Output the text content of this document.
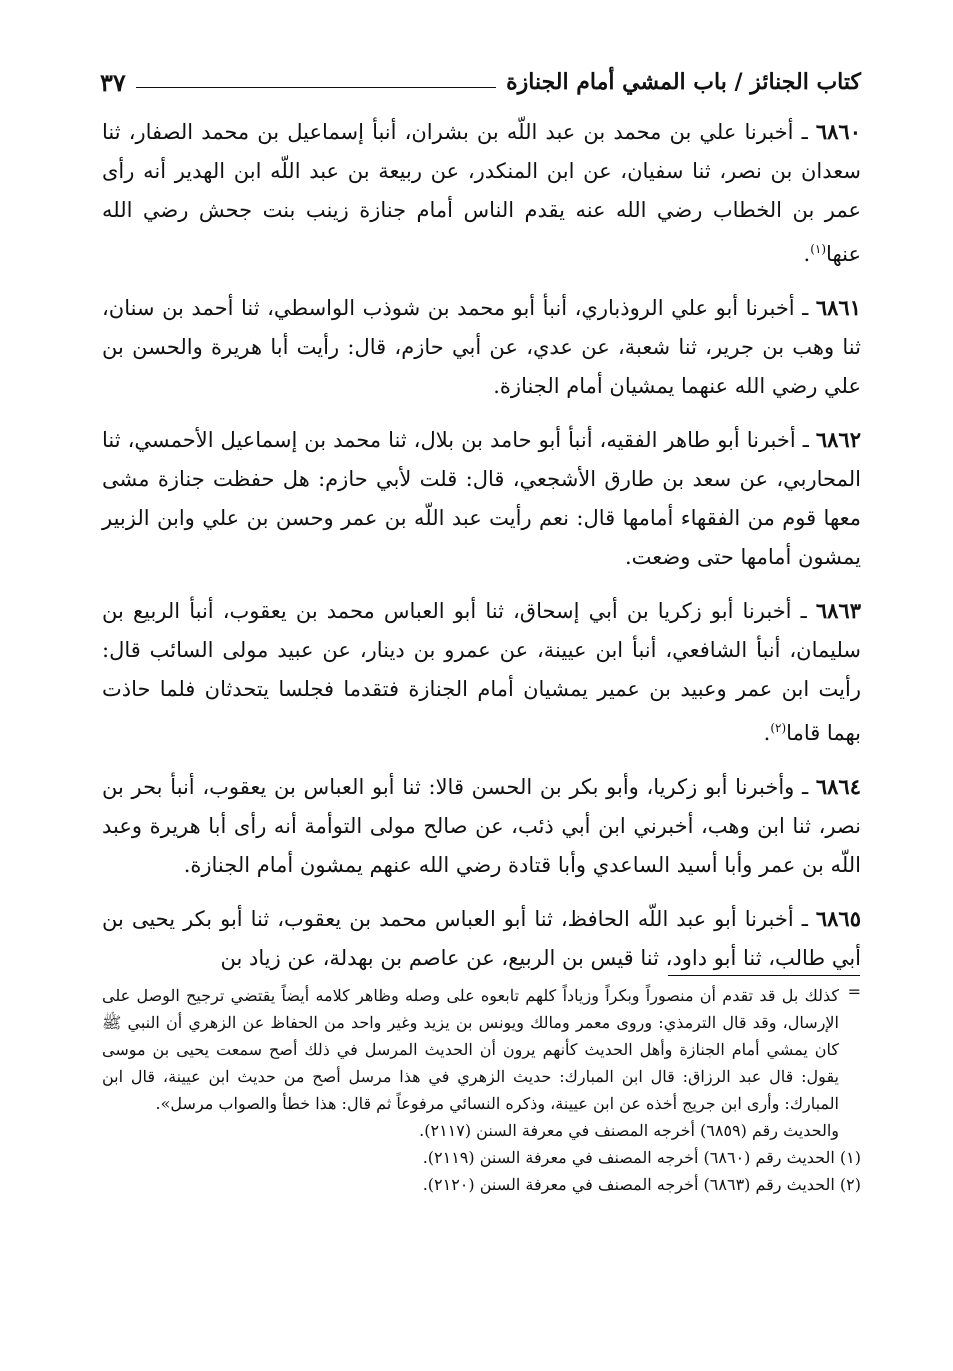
كتاب الجنائز / باب المشي أمام الجنازة
٣٧

٦٨٦٠ ـ أخبرنا علي بن محمد بن عبد اللّه بن بشران، أنبأ إسماعيل بن محمد الصفار، ثنا سعدان بن نصر، ثنا سفيان، عن ابن المنكدر، عن ربيعة بن عبد اللّه ابن الهدير أنه رأى عمر بن الخطاب رضي الله عنه يقدم الناس أمام جنازة زينب بنت جحش رضي الله عنها$^{(١)}$.

٦٨٦١ ـ أخبرنا أبو علي الروذباري، أنبأ أبو محمد بن شوذب الواسطي، ثنا أحمد بن سنان، ثنا وهب بن جرير، ثنا شعبة، عن عدي، عن أبي حازم، قال: رأيت أبا هريرة والحسن بن علي رضي الله عنهما يمشيان أمام الجنازة.

٦٨٦٢ ـ أخبرنا أبو طاهر الفقيه، أنبأ أبو حامد بن بلال، ثنا محمد بن إسماعيل الأحمسي، ثنا المحاربي، عن سعد بن طارق الأشجعي، قال: قلت لأبي حازم: هل حفظت جنازة مشى معها قوم من الفقهاء أمامها قال: نعم رأيت عبد اللّه بن عمر وحسن بن علي وابن الزبير يمشون أمامها حتى وضعت.

٦٨٦٣ ـ أخبرنا أبو زكريا بن أبي إسحاق، ثنا أبو العباس محمد بن يعقوب، أنبأ الربيع بن سليمان، أنبأ الشافعي، أنبأ ابن عيينة، عن عمرو بن دينار، عن عبيد مولى السائب قال: رأيت ابن عمر وعبيد بن عمير يمشيان أمام الجنازة فتقدما فجلسا يتحدثان فلما حاذت بهما قاما$^{(٢)}$.

٦٨٦٤ ـ وأخبرنا أبو زكريا، وأبو بكر بن الحسن قالا: ثنا أبو العباس بن يعقوب، أنبأ بحر بن نصر، ثنا ابن وهب، أخبرني ابن أبي ذئب، عن صالح مولى التوأمة أنه رأى أبا هريرة وعبد اللّه بن عمر وأبا أسيد الساعدي وأبا قتادة رضي الله عنهم يمشون أمام الجنازة.

٦٨٦٥ ـ أخبرنا أبو عبد اللّه الحافظ، ثنا أبو العباس محمد بن يعقوب، ثنا أبو بكر يحيى بن أبي طالب، ثنا أبو داود، ثنا قيس بن الربيع، عن عاصم بن بهدلة، عن زياد بن

=

كذلك بل قد تقدم أن منصوراً وبكراً وزياداً كلهم تابعوه على وصله وظاهر كلامه أيضاً يقتضي ترجيح الوصل على الإرسال، وقد قال الترمذي: وروى معمر ومالك ويونس بن يزيد وغير واحد من الحفاظ عن الزهري أن النبي ﷺ كان يمشي أمام الجنازة وأهل الحديث كأنهم يرون أن الحديث المرسل في ذلك أصح سمعت يحيى بن موسى يقول: قال عبد الرزاق: قال ابن المبارك: حديث الزهري في هذا مرسل أصح من حديث ابن عيينة، قال ابن المبارك: وأرى ابن جريج أخذه عن ابن عيينة، وذكره النسائي مرفوعاً ثم قال: هذا خطأ والصواب مرسل».

والحديث رقم (٦٨٥٩) أخرجه المصنف في معرفة السنن (٢١١٧).

(١) الحديث رقم (٦٨٦٠) أخرجه المصنف في معرفة السنن (٢١١٩).

(٢) الحديث رقم (٦٨٦٣) أخرجه المصنف في معرفة السنن (٢١٢٠).
